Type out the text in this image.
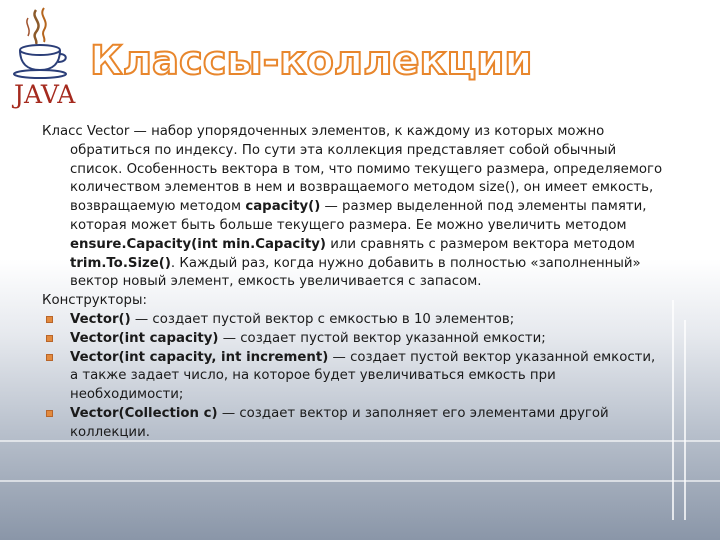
JAVA
Классы-коллекции

Класс Vector — набор упорядоченных элементов, к каждому из которых можно обратиться по индексу. По сути эта коллекция представляет собой обычный список. Особенность вектора в том, что помимо текущего размера, определяемого количеством элементов в нем и возвращаемого методом size(), он имеет емкость, возвращаемую методом capacity() — размер выделенной под элементы памяти, которая может быть больше текущего размера. Ее можно увеличить методом ensure.Capacity(int min.Capacity) или сравнять с размером вектора методом trim.To.Size(). Каждый раз, когда нужно добавить в полностью «заполненный» вектор новый элемент, емкость увеличивается с запасом.

Конструкторы:

Vector() — создает пустой вектор с емкостью в 10 элементов;
Vector(int capacity) — создает пустой вектор указанной емкости;
Vector(int capacity, int increment) — создает пустой вектор указанной емкости, а также задает число, на которое будет увеличиваться емкость при необходимости;
Vector(Collection c) — создает вектор и заполняет его элементами другой коллекции.
